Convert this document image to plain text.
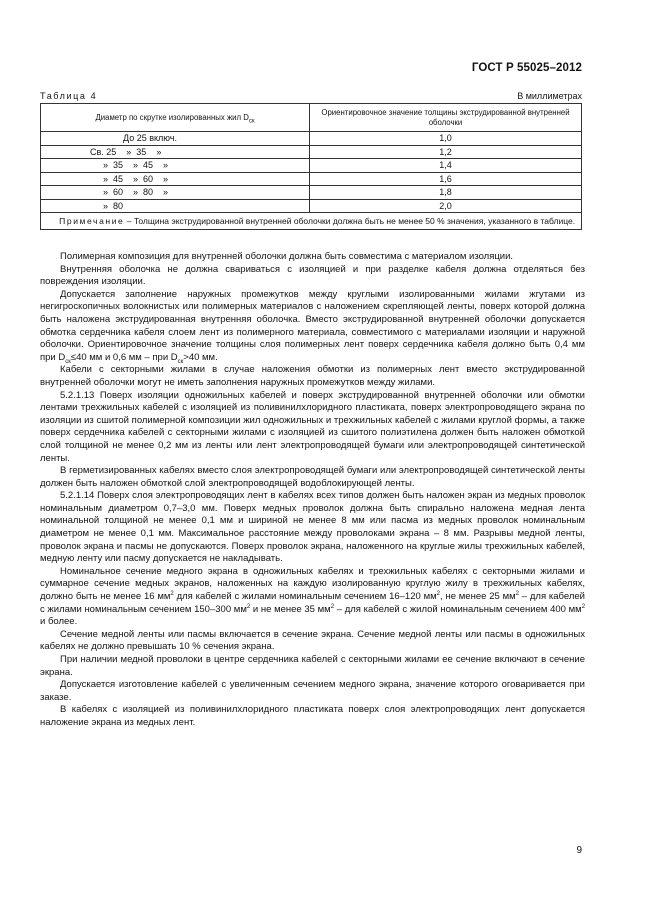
ГОСТ Р 55025–2012
Таблица 4	В миллиметрах
Диаметр по скрутке изолированных жил $D_{ск}$	Ориентировочное значение толщины экструдированной внутренней оболочки
До 25 включ.	1,0
Св. 25    »  35    »	1,2
»  35    »  45    »	1,4
»  45    »  60    »	1,6
»  60    »  80    »	1,8
»  80	2,0
Примечание – Толщина экструдированной внутренней оболочки должна быть не менее 50 % значения, указанного в таблице.	

Полимерная композиция для внутренней оболочки должна быть совместима с материалом изоляции.

Внутренняя оболочка не должна свариваться с изоляцией и при разделке кабеля должна отделяться без повреждения изоляции.

Допускается заполнение наружных промежутков между круглыми изолированными жилами жгутами из негигроскопичных волокнистых или полимерных материалов с наложением скрепляющей ленты, поверх которой должна быть наложена экструдированная внутренняя оболочка. Вместо экструдированной внутренней оболочки допускается обмотка сердечника кабеля слоем лент из полимерного материала, совместимого с материалами изоляции и наружной оболочки. Ориентировочное значение толщины слоя полимерных лент поверх сердечника кабеля должно быть 0,4 мм при $D_{ск}\le 40$ мм и 0,6 мм – при $D_{ск}>40$ мм.

Кабели с секторными жилами в случае наложения обмотки из полимерных лент вместо экструдированной внутренней оболочки могут не иметь заполнения наружных промежутков между жилами.

5.2.1.13 Поверх изоляции одножильных кабелей и поверх экструдированной внутренней оболочки или обмотки лентами трехжильных кабелей с изоляцией из поливинилхлоридного пластиката, поверх электропроводящего экрана по изоляции из сшитой полимерной композиции жил одножильных и трехжильных кабелей с жилами круглой формы, а также поверх сердечника кабелей с секторными жилами с изоляцией из сшитого полиэтилена должен быть наложен обмоткой слой толщиной не менее 0,2 мм из ленты или лент электропроводящей бумаги или электропроводящей синтетической ленты.

В герметизированных кабелях вместо слоя электропроводящей бумаги или электропроводящей синтетической ленты должен быть наложен обмоткой слой электропроводящей водоблокирующей ленты.

5.2.1.14 Поверх слоя электропроводящих лент в кабелях всех типов должен быть наложен экран из медных проволок номинальным диаметром 0,7–3,0 мм. Поверх медных проволок должна быть спирально наложена медная лента номинальной толщиной не менее 0,1 мм и шириной не менее 8 мм или пасма из медных проволок номинальным диаметром не менее 0,1 мм. Максимальное расстояние между проволоками экрана – 8 мм. Разрывы медной ленты, проволок экрана и пасмы не допускаются. Поверх проволок экрана, наложенного на круглые жилы трехжильных кабелей, медную ленту или пасму допускается не накладывать.

Номинальное сечение медного экрана в одножильных кабелях и трехжильных кабелях с секторными жилами и суммарное сечение медных экранов, наложенных на каждую изолированную круглую жилу в трехжильных кабелях, должно быть не менее 16 $мм^2$ для кабелей с жилами номинальным сечением 16–120 $мм^2$, не менее 25 $мм^2$ – для кабелей с жилами номинальным сечением 150–300 $мм^2$ и не менее 35 $мм^2$ – для кабелей с жилой номинальным сечением 400 $мм^2$ и более.

Сечение медной ленты или пасмы включается в сечение экрана. Сечение медной ленты или пасмы в одножильных кабелях не должно превышать 10 % сечения экрана.

При наличии медной проволоки в центре сердечника кабелей с секторными жилами ее сечение включают в сечение экрана.

Допускается изготовление кабелей с увеличенным сечением медного экрана, значение которого оговаривается при заказе.

В кабелях с изоляцией из поливинилхлоридного пластиката поверх слоя электропроводящих лент допускается наложение экрана из медных лент.

9
